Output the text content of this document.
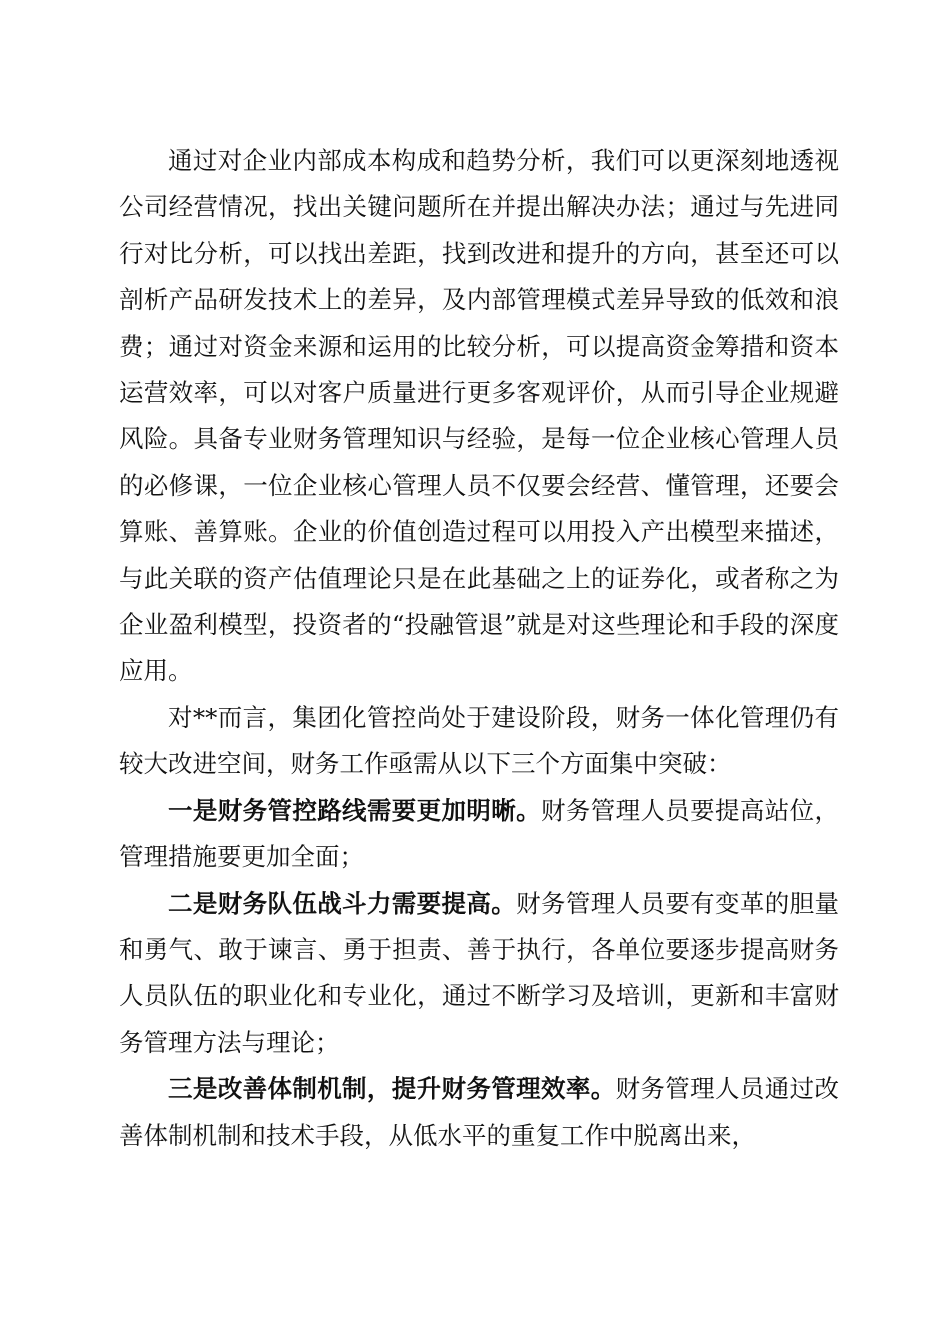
通过对企业内部成本构成和趋势分析，我们可以更深刻地透视公司经营情况，找出关键问题所在并提出解决办法；通过与先进同行对比分析，可以找出差距，找到改进和提升的方向，甚至还可以剖析产品研发技术上的差异，及内部管理模式差异导致的低效和浪费；通过对资金来源和运用的比较分析，可以提高资金筹措和资本运营效率，可以对客户质量进行更多客观评价，从而引导企业规避风险。具备专业财务管理知识与经验，是每一位企业核心管理人员的必修课，一位企业核心管理人员不仅要会经营、懂管理，还要会算账、善算账。企业的价值创造过程可以用投入产出模型来描述，与此关联的资产估值理论只是在此基础之上的证券化，或者称之为企业盈利模型，投资者的“投融管退”就是对这些理论和手段的深度应用。

对**而言，集团化管控尚处于建设阶段，财务一体化管理仍有较大改进空间，财务工作亟需从以下三个方面集中突破：

一是财务管控路线需要更加明晰。财务管理人员要提高站位，管理措施要更加全面；

二是财务队伍战斗力需要提高。财务管理人员要有变革的胆量和勇气、敢于谏言、勇于担责、善于执行，各单位要逐步提高财务人员队伍的职业化和专业化，通过不断学习及培训，更新和丰富财务管理方法与理论；

三是改善体制机制，提升财务管理效率。财务管理人员通过改善体制机制和技术手段，从低水平的重复工作中脱离出来，
